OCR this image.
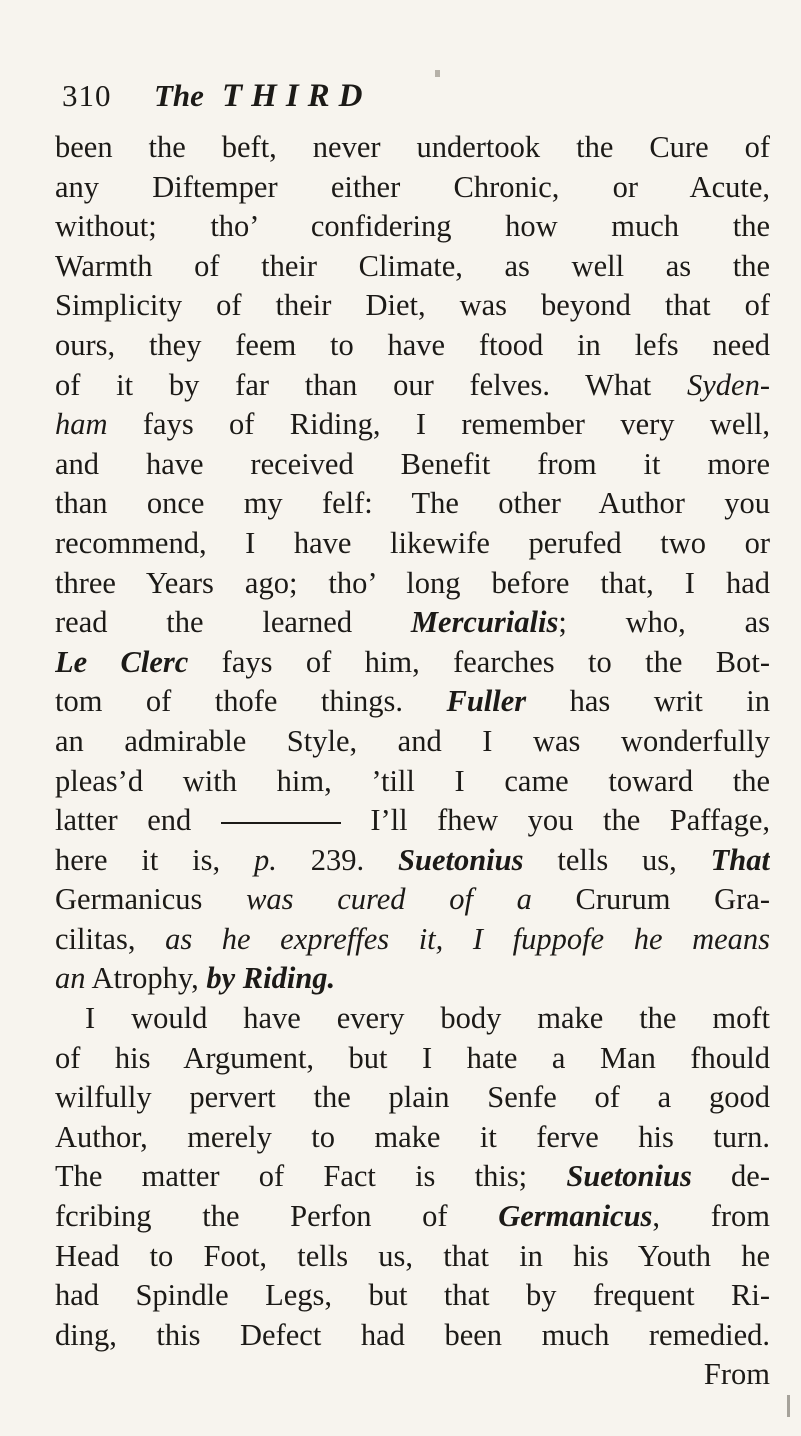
310 The THIRD
been the beft, never undertook the Cure of
any Diftemper either Chronic, or Acute,
without; tho’ confidering how much the
Warmth of their Climate, as well as the
Simplicity of their Diet, was beyond that of
ours, they feem to have ftood in lefs need
of it by far than our felves. What Syden-
ham fays of Riding, I remember very well,
and have received Benefit from it more
than once my felf: The other Author you
recommend, I have likewife perufed two or
three Years ago; tho’ long before that, I had
read the learned Mercurialis; who, as
Le Clerc fays of him, fearches to the Bot-
tom of thofe things. Fuller has writ in
an admirable Style, and I was wonderfully
pleas’d with him, ’till I came toward the
latter end	I’ll fhew you the Paffage,
here it is, p. 239. Suetonius tells us, That
Germanicus was cured of a Crurum Gra-
cilitas, as he expreffes it, I fuppofe he means
an Atrophy, by Riding.
I would have every body make the moft
of his Argument, but I hate a Man fhould
wilfully pervert the plain Senfe of a good
Author, merely to make it ferve his turn.
The matter of Fact is this; Suetonius de-
fcribing the Perfon of Germanicus, from
Head to Foot, tells us, that in his Youth he
had Spindle Legs, but that by frequent Ri-
ding, this Defect had been much remedied.
From
